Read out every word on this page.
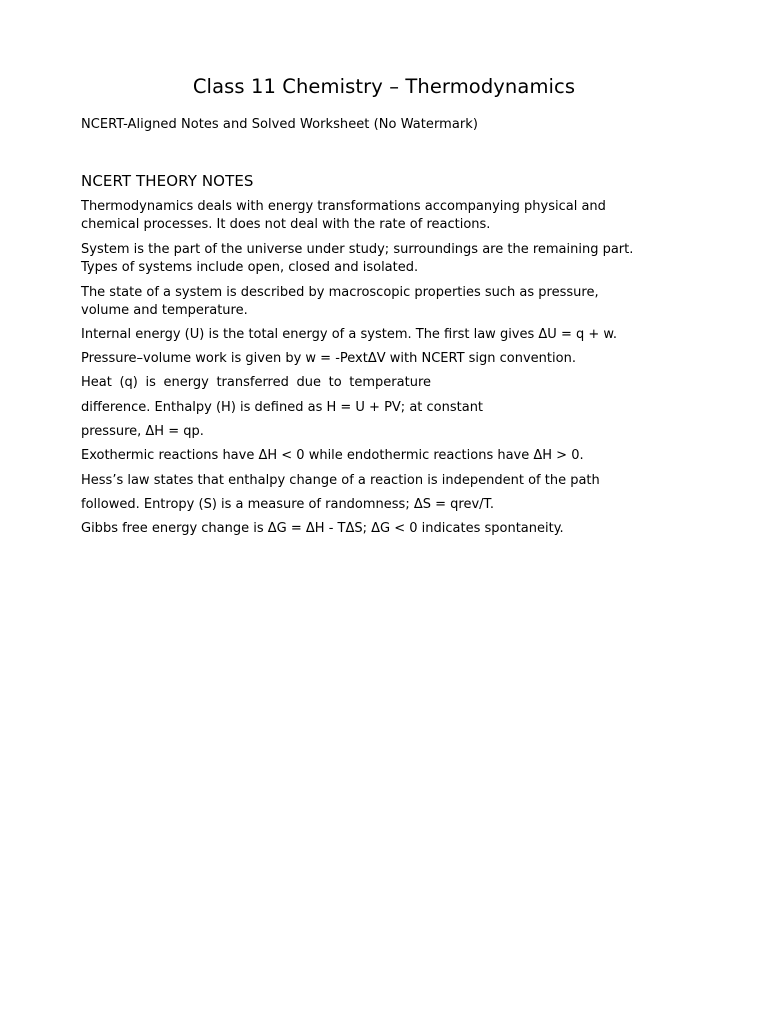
Class 11 Chemistry – Thermodynamics
NCERT-Aligned Notes and Solved Worksheet (No Watermark)
NCERT THEORY NOTES
Thermodynamics deals with energy transformations accompanying physical and
chemical processes. It does not deal with the rate of reactions.
System is the part of the universe under study; surroundings are the remaining part.
Types of systems include open, closed and isolated.
The state of a system is described by macroscopic properties such as pressure,
volume and temperature.
Internal energy (U) is the total energy of a system. The first law gives ΔU = q + w.
Pressure–volume work is given by w = -PextΔV with NCERT sign convention.
Heat (q) is energy transferred due to temperature
difference. Enthalpy (H) is defined as H = U + PV; at constant
pressure, ΔH = qp.
Exothermic reactions have ΔH < 0 while endothermic reactions have ΔH > 0.
Hess’s law states that enthalpy change of a reaction is independent of the path
followed. Entropy (S) is a measure of randomness; ΔS = qrev/T.
Gibbs free energy change is ΔG = ΔH - TΔS; ΔG < 0 indicates spontaneity.
